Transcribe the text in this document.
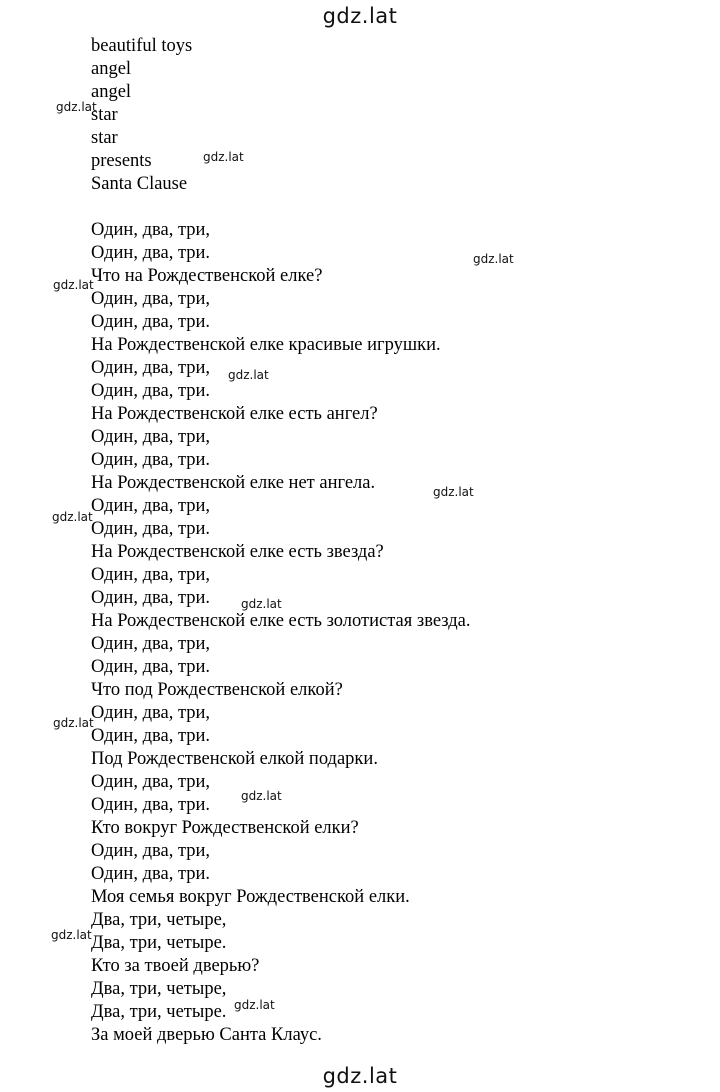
gdz.lat
beautiful toys
angel
angel
star
star
presents
Santa Clause
Один, два, три,
Один, два, три.
Что на Рождественской елке?
Один, два, три,
Один, два, три.
На Рождественской елке красивые игрушки.
Один, два, три,
Один, два, три.
На Рождественской елке есть ангел?
Один, два, три,
Один, два, три.
На Рождественской елке нет ангела.
Один, два, три,
Один, два, три.
На Рождественской елке есть звезда?
Один, два, три,
Один, два, три.
На Рождественской елке есть золотистая звезда.
Один, два, три,
Один, два, три.
Что под Рождественской елкой?
Один, два, три,
Один, два, три.
Под Рождественской елкой подарки.
Один, два, три,
Один, два, три.
Кто вокруг Рождественской елки?
Один, два, три,
Один, два, три.
Моя семья вокруг Рождественской елки.
Два, три, четыре,
Два, три, четыре.
Кто за твоей дверью?
Два, три, четыре,
Два, три, четыре.
За моей дверью Санта Клаус.
gdz.lat
gdz.lat
gdz.lat
gdz.lat
gdz.lat
gdz.lat
gdz.lat
gdz.lat
gdz.lat
gdz.lat
gdz.lat
gdz.lat
gdz.lat
